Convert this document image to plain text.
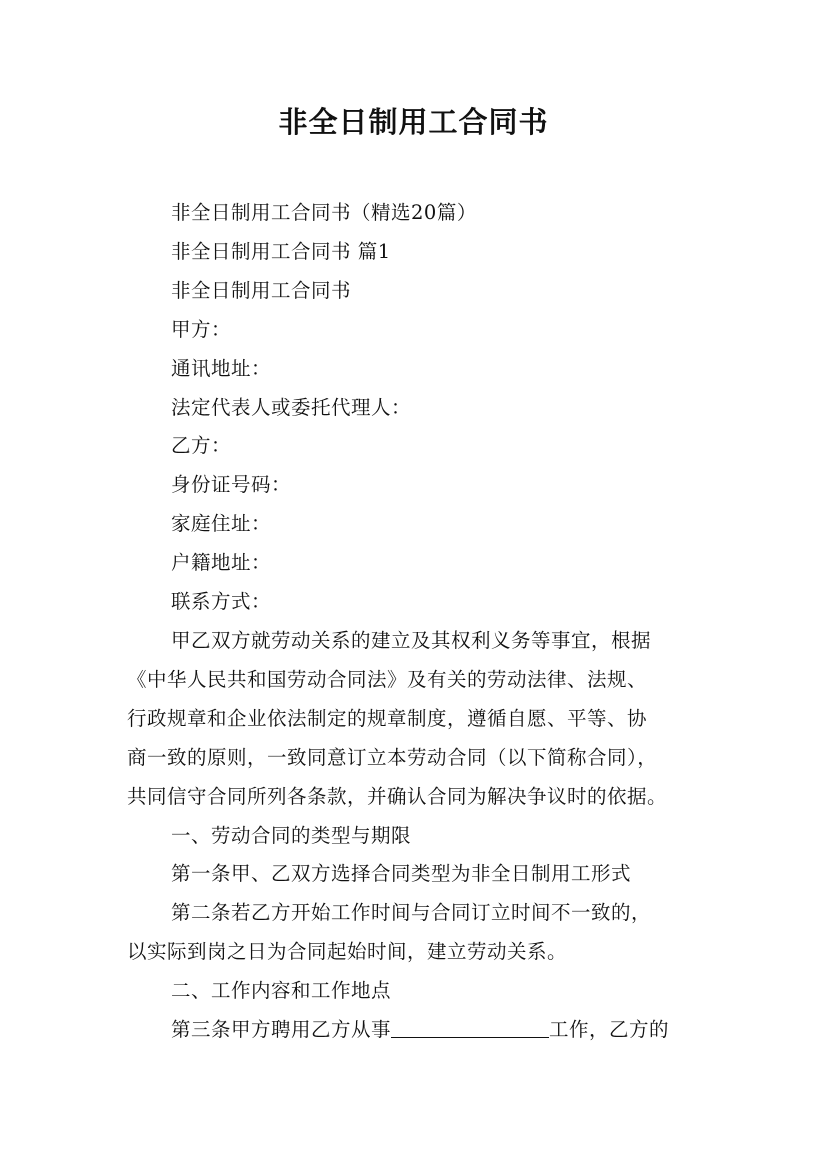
非全日制用工合同书
非全日制用工合同书（精选20篇）
非全日制用工合同书 篇1
非全日制用工合同书
甲方：
通讯地址：
法定代表人或委托代理人：
乙方：
身份证号码：
家庭住址：
户籍地址：
联系方式：
甲乙双方就劳动关系的建立及其权利义务等事宜，根据
《中华人民共和国劳动合同法》及有关的劳动法律、法规、
行政规章和企业依法制定的规章制度，遵循自愿、平等、协
商一致的原则，一致同意订立本劳动合同（以下简称合同），
共同信守合同所列各条款，并确认合同为解决争议时的依据。
一、劳动合同的类型与期限
第一条甲、乙双方选择合同类型为非全日制用工形式
第二条若乙方开始工作时间与合同订立时间不一致的，
以实际到岗之日为合同起始时间，建立劳动关系。
二、工作内容和工作地点
第三条甲方聘用乙方从事	工作，乙方的
